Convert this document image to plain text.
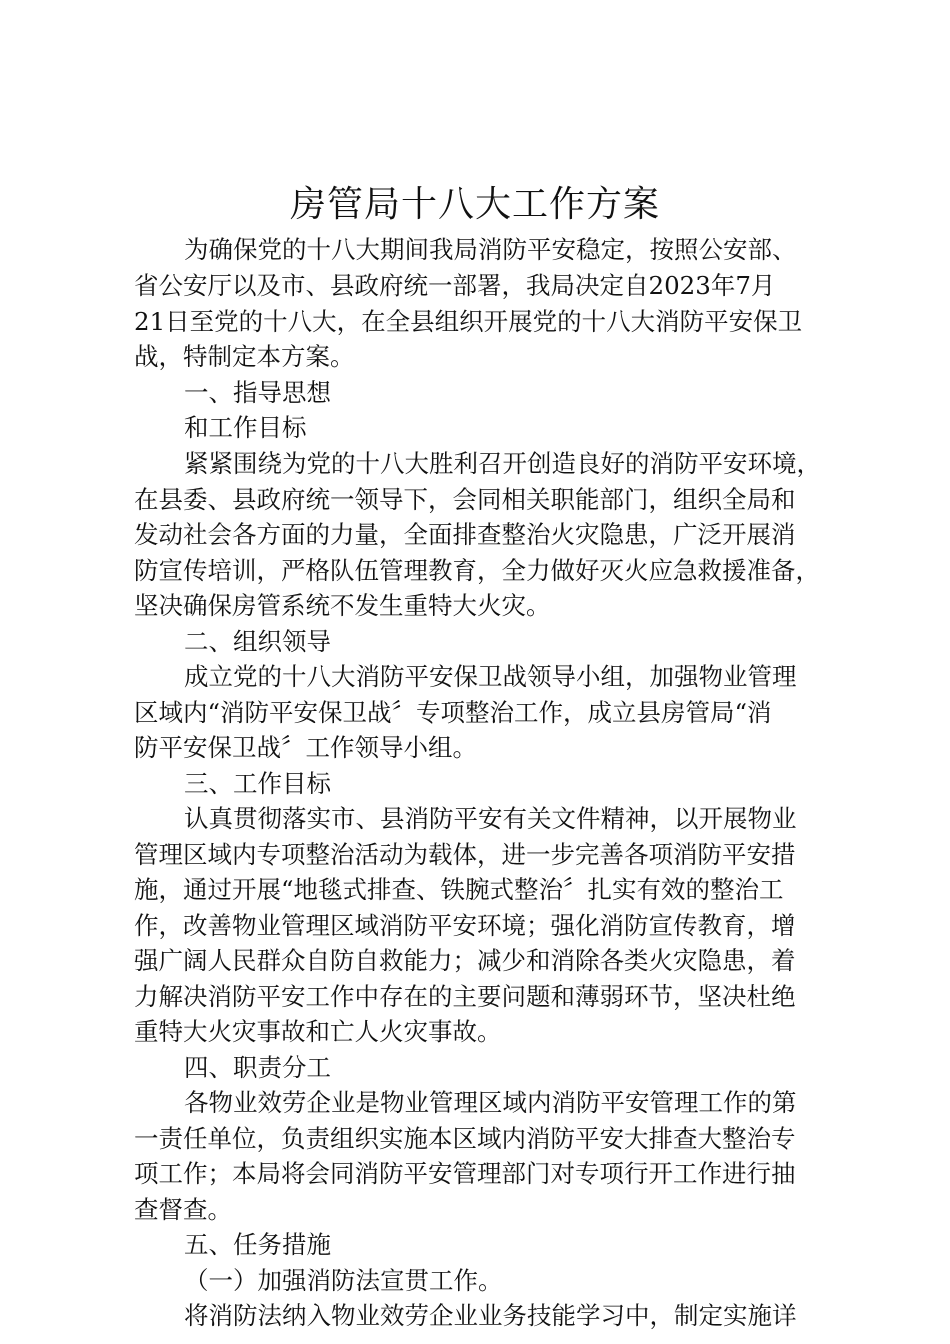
房管局十八大工作方案
为确保党的十八大期间我局消防平安稳定，按照公安部、
省公安厅以及市、县政府统一部署，我局决定自2023年7月
21日至党的十八大，在全县组织开展党的十八大消防平安保卫
战，特制定本方案。
一、指导思想
和工作目标
紧紧围绕为党的十八大胜利召开创造良好的消防平安环境，
在县委、县政府统一领导下，会同相关职能部门，组织全局和
发动社会各方面的力量，全面排查整治火灾隐患，广泛开展消
防宣传培训，严格队伍管理教育，全力做好灭火应急救援准备，
坚决确保房管系统不发生重特大火灾。
二、组织领导
成立党的十八大消防平安保卫战领导小组，加强物业管理
区域内“消防平安保卫战〞专项整治工作，成立县房管局“消
防平安保卫战〞工作领导小组。
三、工作目标
认真贯彻落实市、县消防平安有关文件精神，以开展物业
管理区域内专项整治活动为载体，进一步完善各项消防平安措
施，通过开展“地毯式排查、铁腕式整治〞扎实有效的整治工
作，改善物业管理区域消防平安环境；强化消防宣传教育，增
强广阔人民群众自防自救能力；减少和消除各类火灾隐患，着
力解决消防平安工作中存在的主要问题和薄弱环节，坚决杜绝
重特大火灾事故和亡人火灾事故。
四、职责分工
各物业效劳企业是物业管理区域内消防平安管理工作的第
一责任单位，负责组织实施本区域内消防平安大排查大整治专
项工作；本局将会同消防平安管理部门对专项行开工作进行抽
查督查。
五、任务措施
（一）加强消防法宣贯工作。
将消防法纳入物业效劳企业业务技能学习中，制定实施详
